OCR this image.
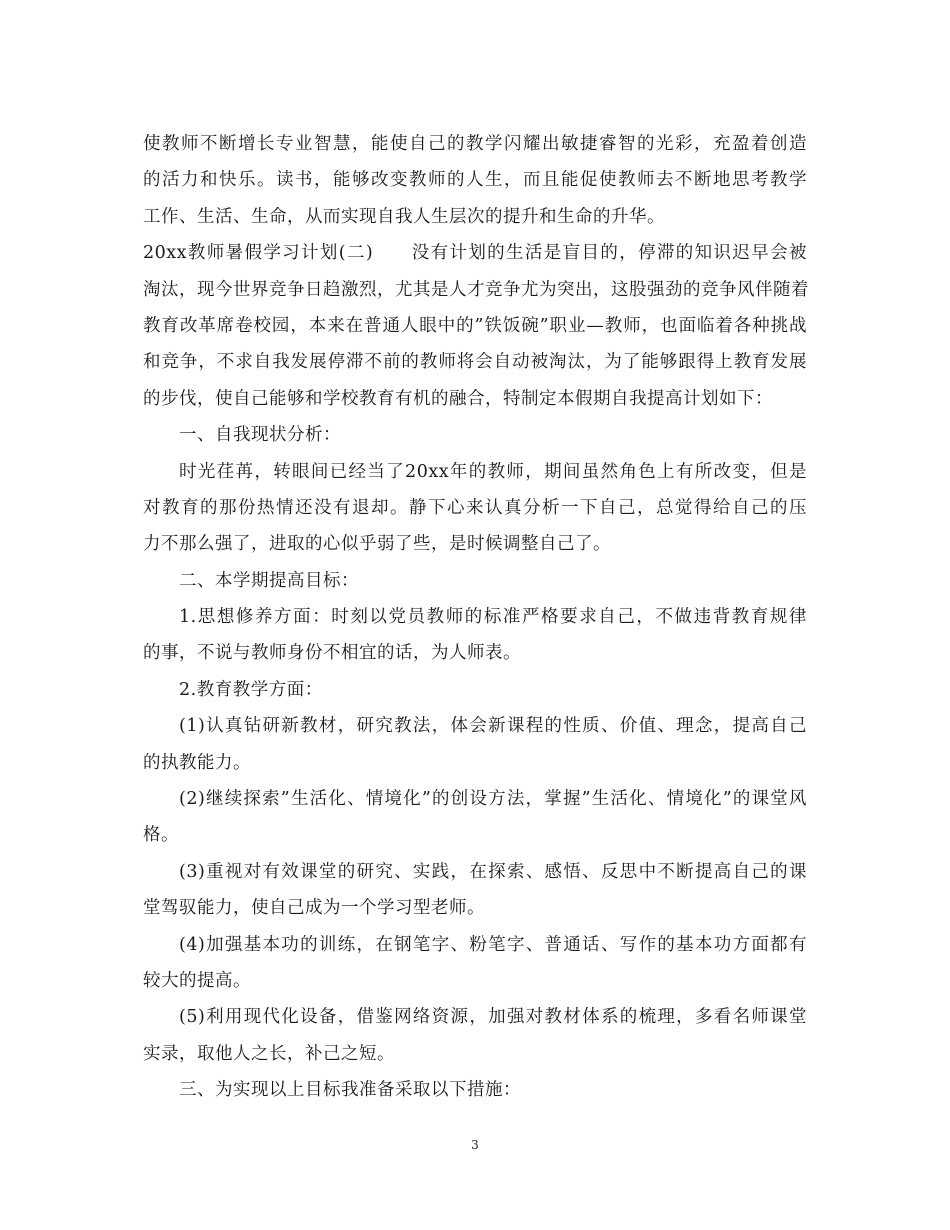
使教师不断增长专业智慧，能使自己的教学闪耀出敏捷睿智的光彩，充盈着创造
的活力和快乐。读书，能够改变教师的人生，而且能促使教师去不断地思考教学
工作、生活、生命，从而实现自我人生层次的提升和生命的升华。
20xx教师暑假学习计划(二)　　没有计划的生活是盲目的，停滞的知识迟早会被
淘汰，现今世界竞争日趋激烈，尤其是人才竞争尤为突出，这股强劲的竞争风伴随着
教育改革席卷校园，本来在普通人眼中的”铁饭碗”职业—教师，也面临着各种挑战
和竞争，不求自我发展停滞不前的教师将会自动被淘汰，为了能够跟得上教育发展
的步伐，使自己能够和学校教育有机的融合，特制定本假期自我提高计划如下：
一、自我现状分析：
时光荏苒，转眼间已经当了20xx年的教师，期间虽然角色上有所改变，但是
对教育的那份热情还没有退却。静下心来认真分析一下自己，总觉得给自己的压
力不那么强了，进取的心似乎弱了些，是时候调整自己了。
二、本学期提高目标：
1.思想修养方面：时刻以党员教师的标准严格要求自己，不做违背教育规律
的事，不说与教师身份不相宜的话，为人师表。
2.教育教学方面：
(1)认真钻研新教材，研究教法，体会新课程的性质、价值、理念，提高自己
的执教能力。
(2)继续探索”生活化、情境化”的创设方法，掌握”生活化、情境化”的课堂风
格。
(3)重视对有效课堂的研究、实践，在探索、感悟、反思中不断提高自己的课
堂驾驭能力，使自己成为一个学习型老师。
(4)加强基本功的训练，在钢笔字、粉笔字、普通话、写作的基本功方面都有
较大的提高。
(5)利用现代化设备，借鉴网络资源，加强对教材体系的梳理，多看名师课堂
实录，取他人之长，补己之短。
三、为实现以上目标我准备采取以下措施：
3
